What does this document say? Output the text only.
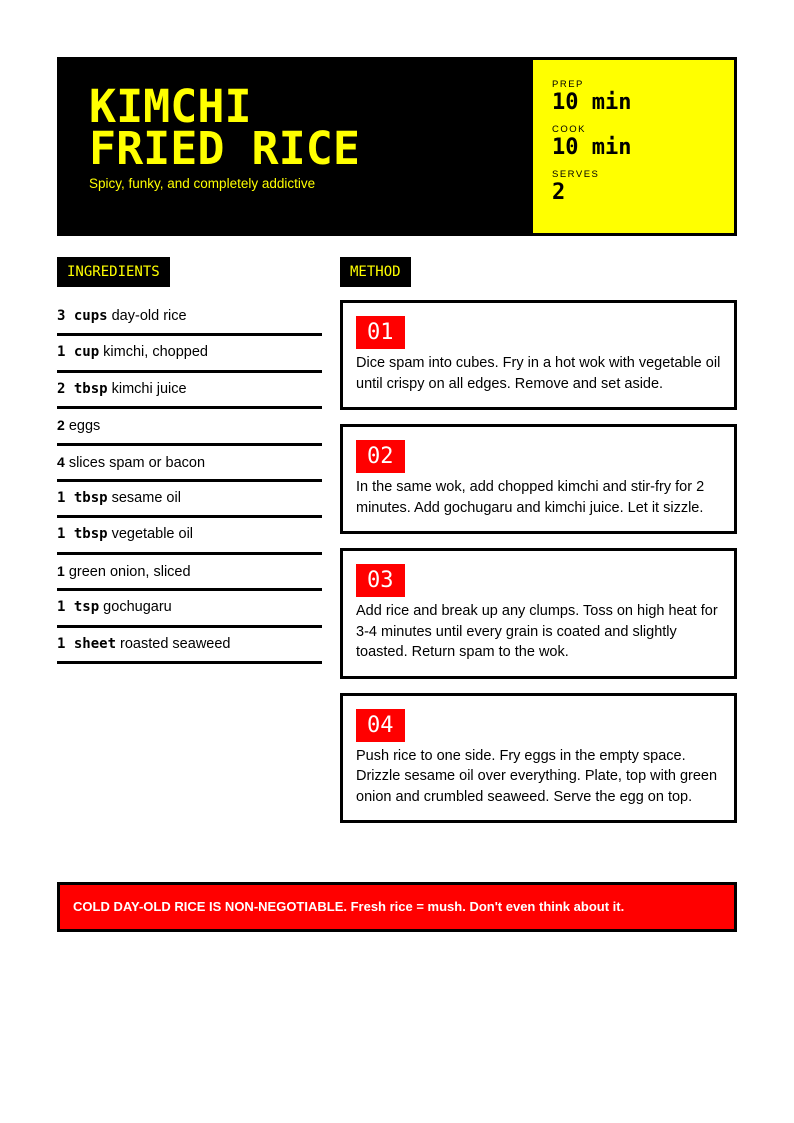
KIMCHI
FRIED RICE
Spicy, funky, and completely addictive
PREP
10 min
COOK
10 min
SERVES
2
INGREDIENTS	METHOD
3 cups day-old rice
1 cup kimchi, chopped
2 tbsp kimchi juice
2 eggs
4 slices spam or bacon
1 tbsp sesame oil
1 tbsp vegetable oil
1 green onion, sliced
1 tsp gochugaru
1 sheet roasted seaweed
01
Dice spam into cubes. Fry in a hot wok with vegetable oil until crispy on all edges. Remove and set aside.
02
In the same wok, add chopped kimchi and stir-fry for 2 minutes. Add gochugaru and kimchi juice. Let it sizzle.
03
Add rice and break up any clumps. Toss on high heat for 3-4 minutes until every grain is coated and slightly toasted. Return spam to the wok.
04
Push rice to one side. Fry eggs in the empty space. Drizzle sesame oil over everything. Plate, top with green onion and crumbled seaweed. Serve the egg on top.
COLD DAY-OLD RICE IS NON-NEGOTIABLE. Fresh rice = mush. Don't even think about it.
